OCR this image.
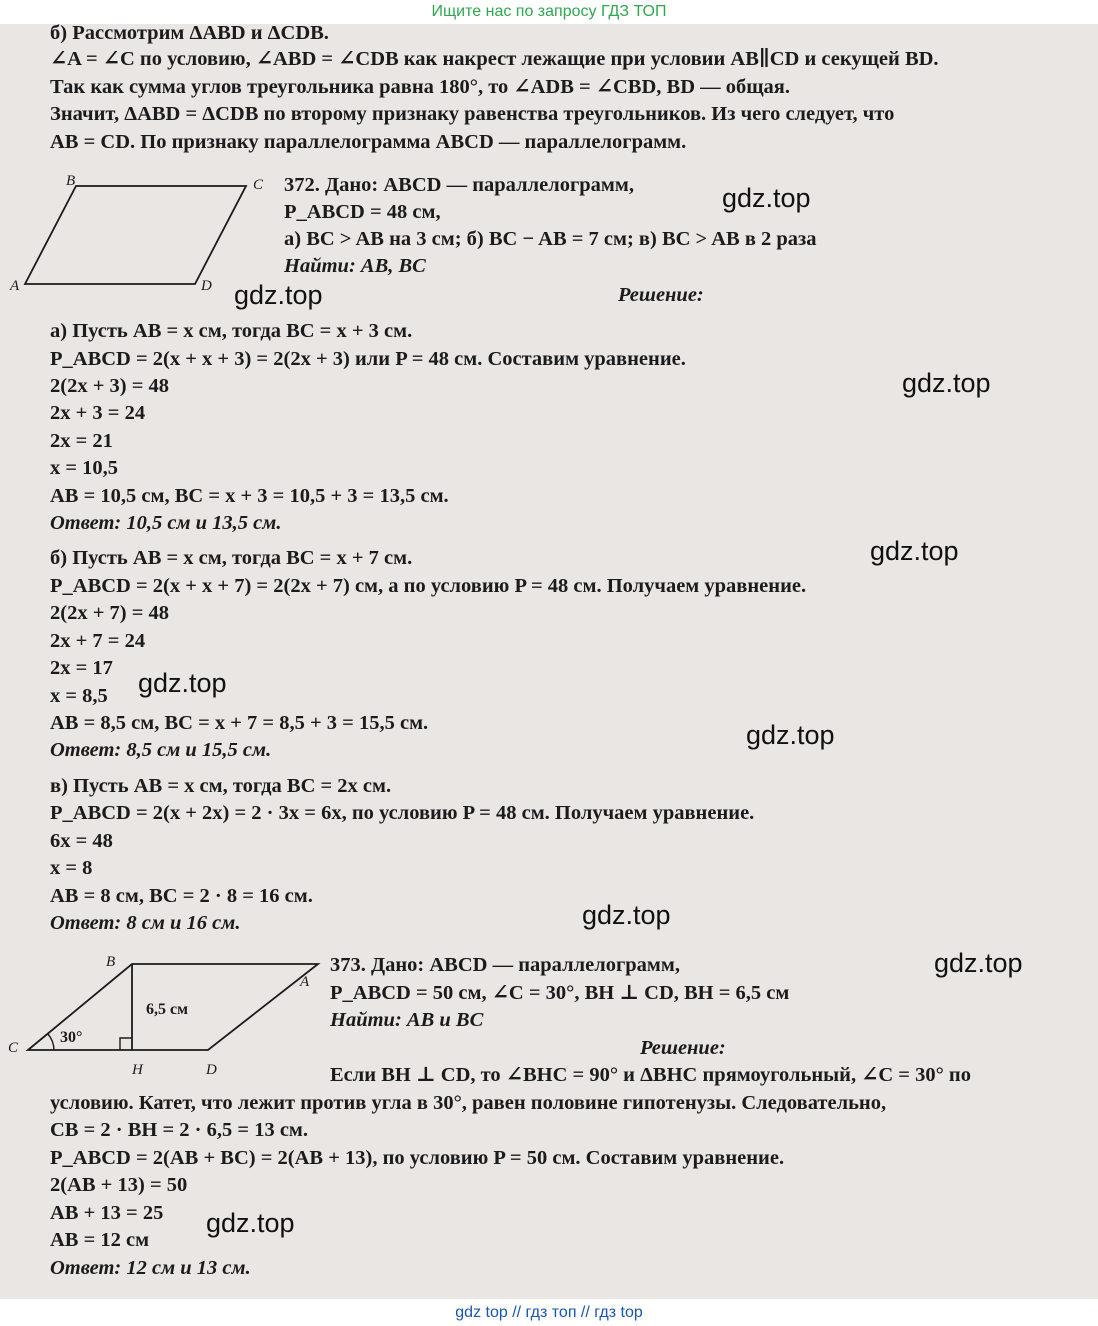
Ищите нас по запросу ГДЗ ТОП
B	C
A	D
B
A
C
D
H
6,5 см
30°
б) Рассмотрим ΔABD и ΔCDB.
∠A = ∠C по условию, ∠ABD = ∠CDB как накрест лежащие при условии AB∥CD и секущей BD.
Так как сумма углов треугольника равна 180°, то ∠ADB = ∠CBD, BD — общая.
Значит, ΔABD = ΔCDB по второму признаку равенства треугольников. Из чего следует, что
AB = CD. По признаку параллелограмма ABCD — параллелограмм.
372. Дано: ABCD — параллелограмм,
P_ABCD = 48 см,
а) BC > AB на 3 см; б) BC − AB = 7 см; в) BC > AB в 2 раза
Найти: AB, BC
Решение:
а) Пусть AB = x см, тогда BC = x + 3 см.
P_ABCD = 2(x + x + 3) = 2(2x + 3) или P = 48 см. Составим уравнение.
2(2x + 3) = 48
2x + 3 = 24
2x = 21
x = 10,5
AB = 10,5 см, BC = x + 3 = 10,5 + 3 = 13,5 см.
Ответ: 10,5 см и 13,5 см.
б) Пусть AB = x см, тогда BC = x + 7 см.
P_ABCD = 2(x + x + 7) = 2(2x + 7) см, а по условию P = 48 см. Получаем уравнение.
2(2x + 7) = 48
2x + 7 = 24
2x = 17
x = 8,5
AB = 8,5 см, BC = x + 7 = 8,5 + 3 = 15,5 см.
Ответ: 8,5 см и 15,5 см.
в) Пусть AB = x см, тогда BC = 2x см.
P_ABCD = 2(x + 2x) = 2 · 3x = 6x, по условию P = 48 см. Получаем уравнение.
6x = 48
x = 8
AB = 8 см, BC = 2 · 8 = 16 см.
Ответ: 8 см и 16 см.
373. Дано: ABCD — параллелограмм,
P_ABCD = 50 см, ∠C = 30°, BH ⊥ CD, BH = 6,5 см
Найти: AB и BC
Решение:
Если BH ⊥ CD, то ∠BHC = 90° и ΔBHC прямоугольный, ∠C = 30° по
условию. Катет, что лежит против угла в 30°, равен половине гипотенузы. Следовательно,
CB = 2 · BH = 2 · 6,5 = 13 см.
P_ABCD = 2(AB + BC) = 2(AB + 13), по условию P = 50 см. Составим уравнение.
2(AB + 13) = 50
AB + 13 = 25
AB = 12 см
Ответ: 12 см и 13 см.
gdz.top
gdz.top
gdz.top
gdz.top
gdz.top
gdz.top
gdz.top
gdz.top
gdz.top
gdz top // гдз топ // гдз top
